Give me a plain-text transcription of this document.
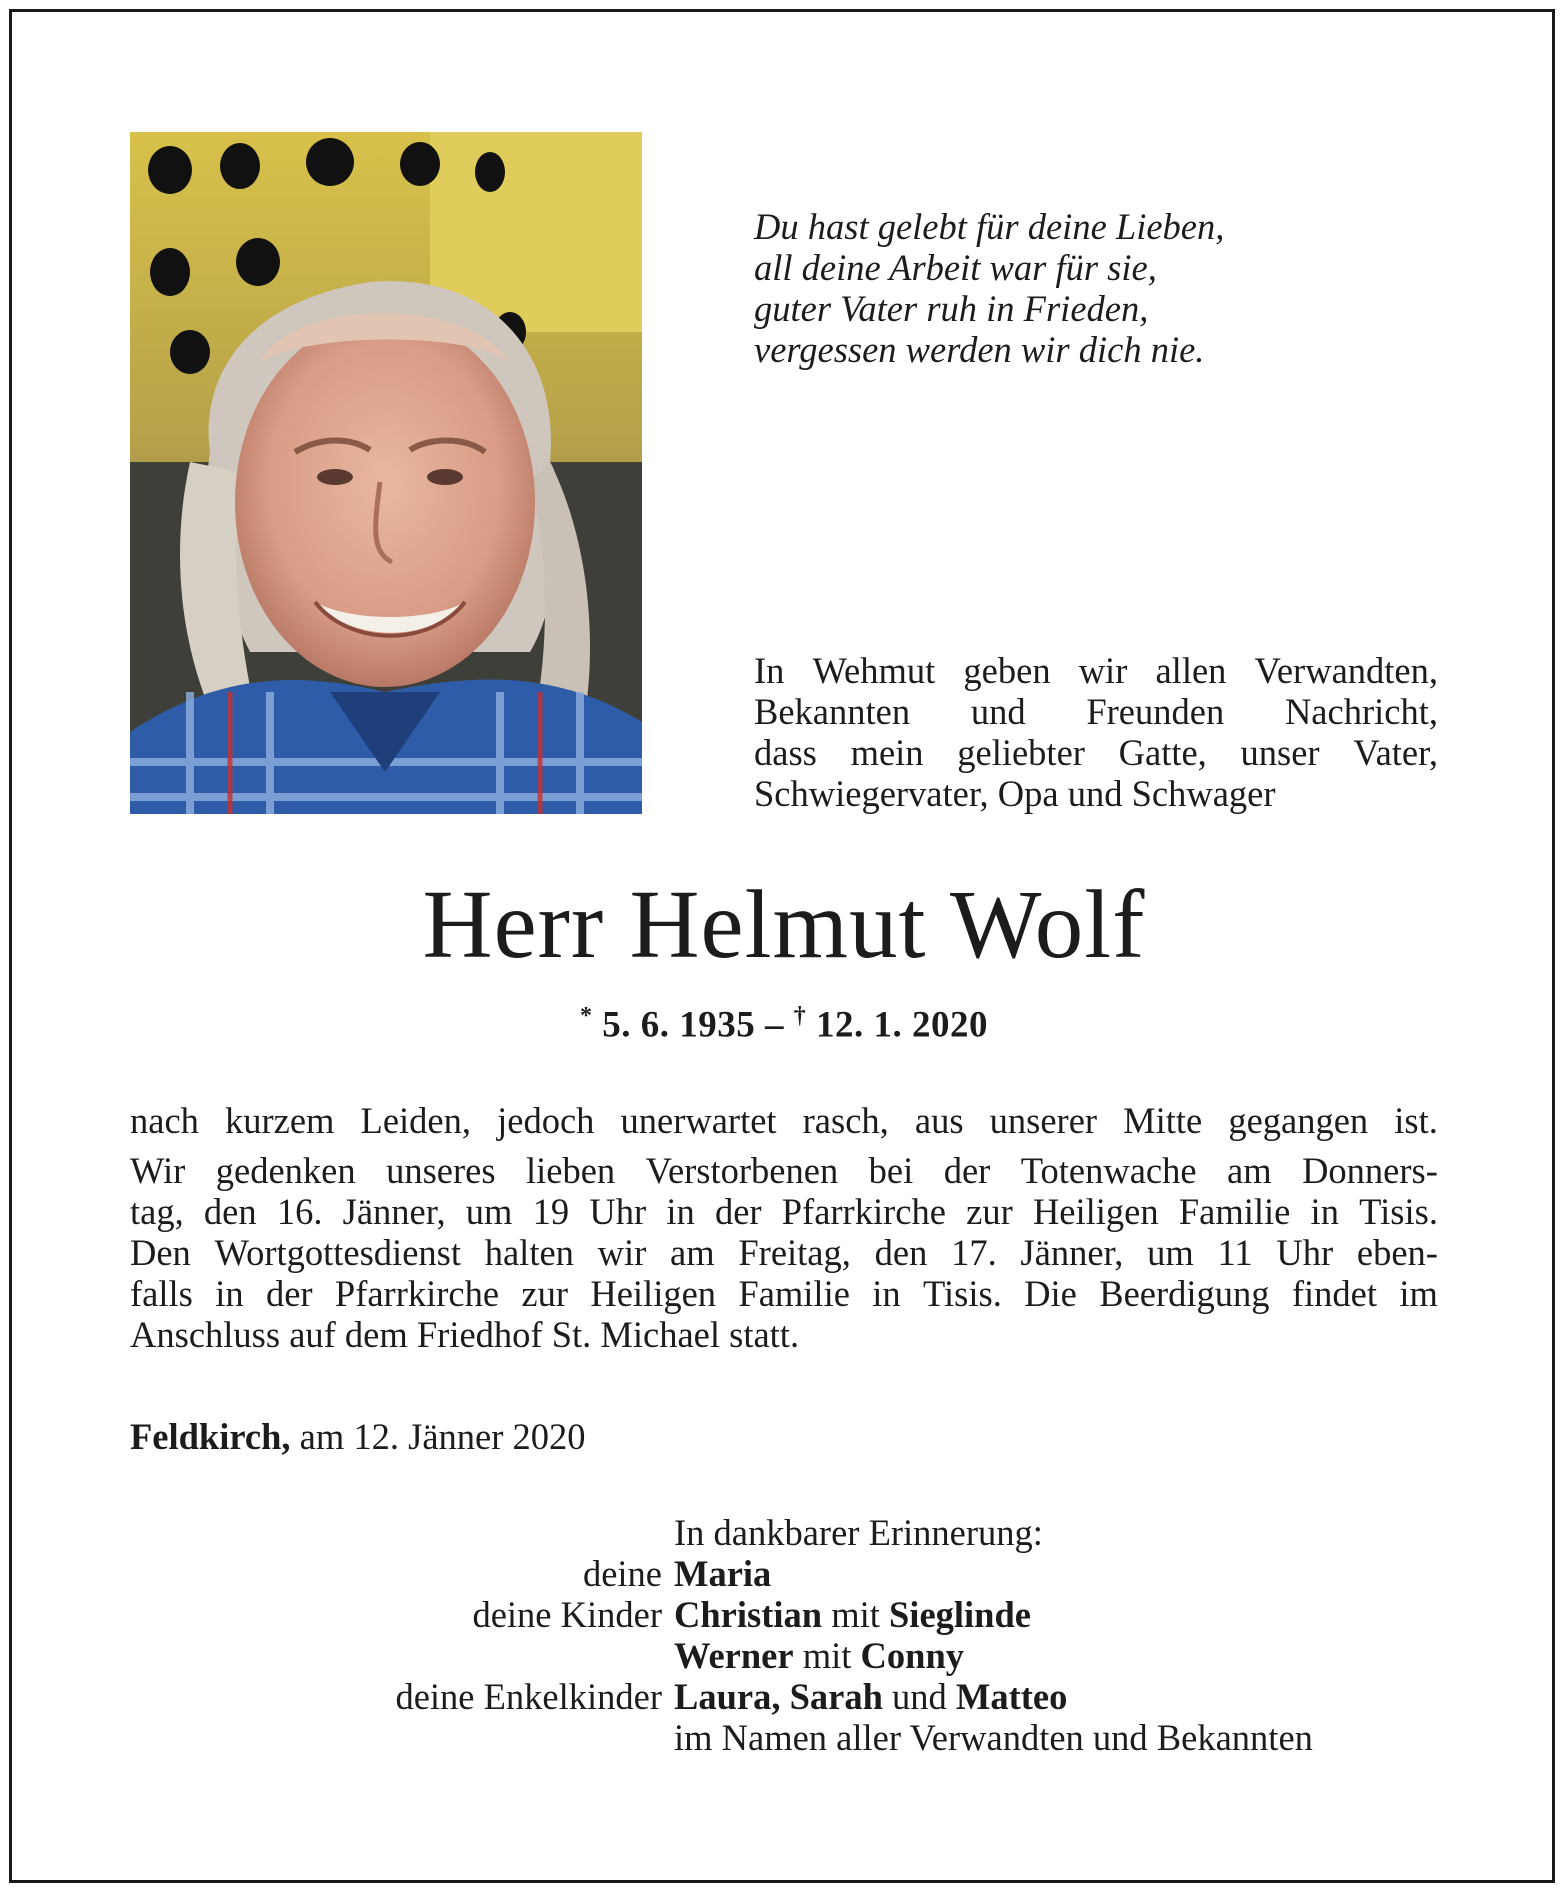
Du hast gelebt für deine Lieben,
all deine Arbeit war für sie,
guter Vater ruh in Frieden,
vergessen werden wir dich nie.
In Wehmut geben wir allen Verwandten,
Bekannten und Freunden Nachricht,
dass mein geliebter Gatte, unser Vater,
Schwiegervater, Opa und Schwager
Herr Helmut Wolf
* 5. 6. 1935 – † 12. 1. 2020
nach kurzem Leiden, jedoch unerwartet rasch, aus unserer Mitte gegangen ist.
Wir gedenken unseres lieben Verstorbenen bei der Totenwache am Donners-
tag, den 16. Jänner, um 19 Uhr in der Pfarrkirche zur Heiligen Familie in Tisis.
Den Wortgottesdienst halten wir am Freitag, den 17. Jänner, um 11 Uhr eben-
falls in der Pfarrkirche zur Heiligen Familie in Tisis. Die Beerdigung findet im
Anschluss auf dem Friedhof St. Michael statt.
Feldkirch, am 12. Jänner 2020
In dankbarer Erinnerung:
deine Maria
deine Kinder Christian mit Sieglinde
Werner mit Conny
deine Enkelkinder Laura, Sarah und Matteo
im Namen aller Verwandten und Bekannten
